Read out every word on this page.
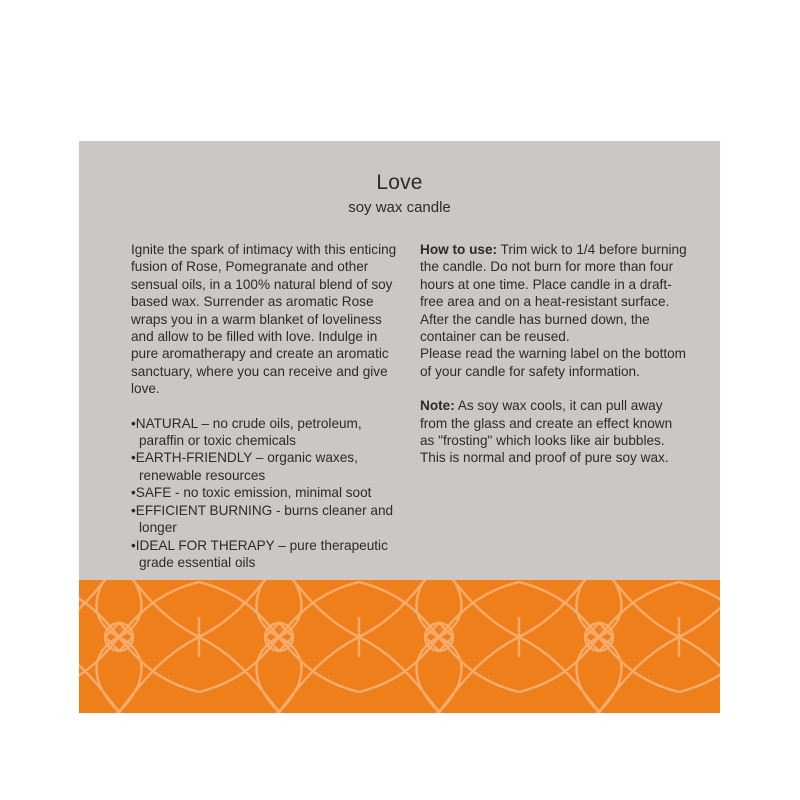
Love
soy wax candle

Ignite the spark of intimacy with this enticing fusion of Rose, Pomegranate and other sensual oils, in a 100% natural blend of soy based wax. Surrender as aromatic Rose wraps you in a warm blanket of loveliness and allow to be filled with love. Indulge in pure aromatherapy and create an aromatic sanctuary, where you can receive and give love.

•NATURAL – no crude oils, petroleum, paraffin or toxic chemicals
•EARTH-FRIENDLY – organic waxes, renewable resources
•SAFE - no toxic emission, minimal soot
•EFFICIENT BURNING - burns cleaner and longer
•IDEAL FOR THERAPY – pure therapeutic grade essential oils

How to use: Trim wick to 1/4 before burning the candle. Do not burn for more than four hours at one time. Place candle in a draft-free area and on a heat-resistant surface. After the candle has burned down, the container can be reused.

Please read the warning label on the bottom of your candle for safety information.

Note: As soy wax cools, it can pull away from the glass and create an effect known as "frosting" which looks like air bubbles. This is normal and proof of pure soy wax.
